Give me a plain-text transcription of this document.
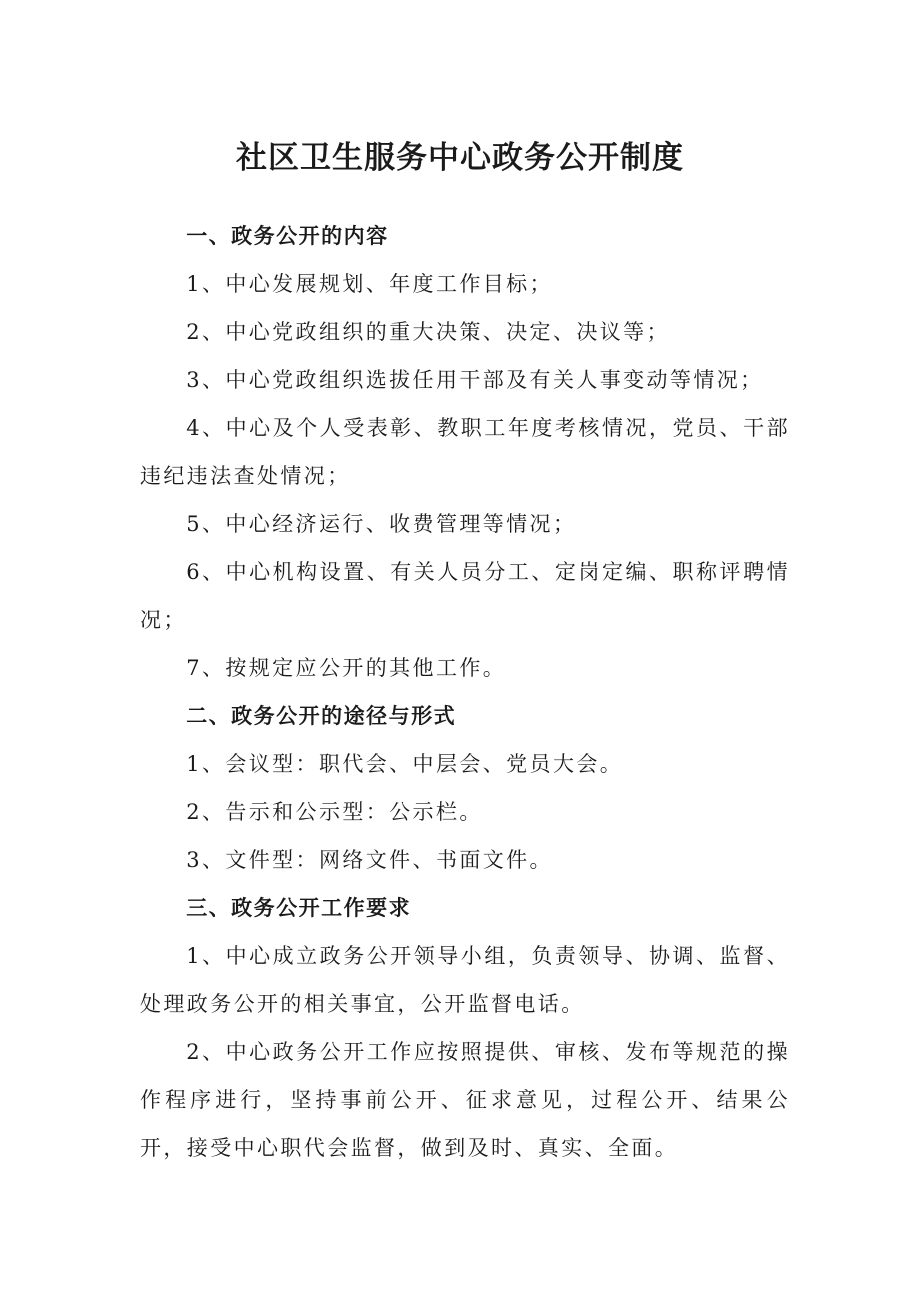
社区卫生服务中心政务公开制度

一、政务公开的内容

1、中心发展规划、年度工作目标；

2、中心党政组织的重大决策、决定、决议等；

3、中心党政组织选拔任用干部及有关人事变动等情况；

4、中心及个人受表彰、教职工年度考核情况，党员、干部违纪违法查处情况；

5、中心经济运行、收费管理等情况；

6、中心机构设置、有关人员分工、定岗定编、职称评聘情况；

7、按规定应公开的其他工作。

二、政务公开的途径与形式

1、会议型：职代会、中层会、党员大会。

2、告示和公示型：公示栏。

3、文件型：网络文件、书面文件。

三、政务公开工作要求

1、中心成立政务公开领导小组，负责领导、协调、监督、处理政务公开的相关事宜，公开监督电话。

2、中心政务公开工作应按照提供、审核、发布等规范的操作程序进行，坚持事前公开、征求意见，过程公开、结果公开，接受中心职代会监督，做到及时、真实、全面。
